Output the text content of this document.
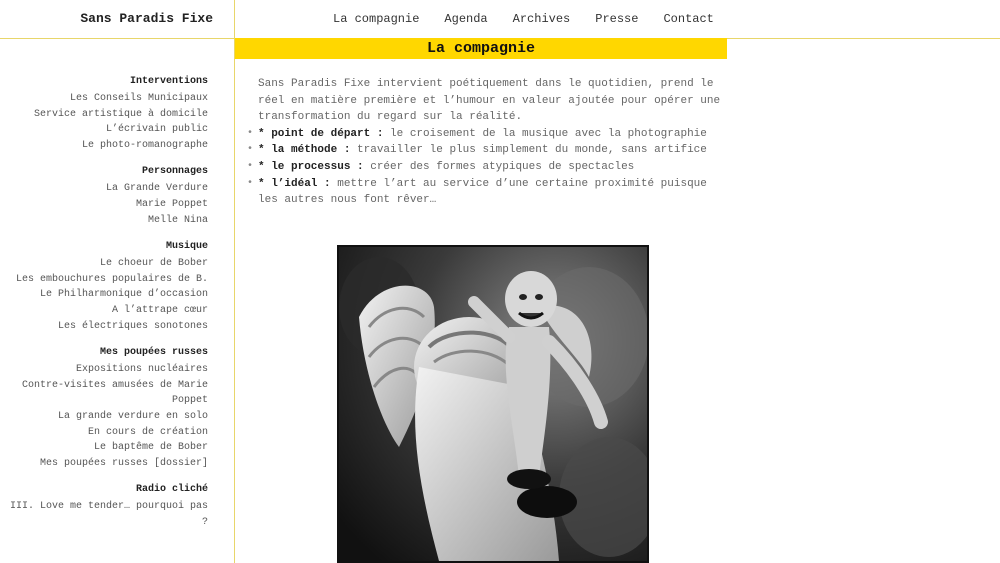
Sans Paradis Fixe	La compagnie Agenda Archives Presse Contact
Interventions
Les Conseils Municipaux
Service artistique à domicile
L’écrivain public
Le photo-romanographe
Personnages
La Grande Verdure
Marie Poppet
Melle Nina
Musique
Le choeur de Bober
Les embouchures populaires de B.
Le Philharmonique d’occasion
A l’attrape cœur
Les électriques sonotones
Mes poupées russes
Expositions nucléaires
Contre-visites amusées de Marie Poppet
La grande verdure en solo
En cours de création
Le baptême de Bober
Mes poupées russes [dossier]
Radio cliché
III. Love me tender… pourquoi pas ?
La compagnie

Sans Paradis Fixe intervient poétiquement dans le quotidien, prend le réel en matière première et l’humour en valeur ajoutée pour opérer une transformation du regard sur la réalité.

• * point de départ : le croisement de la musique avec la photographie
• * la méthode : travailler le plus simplement du monde, sans artifice
• * le processus : créer des formes atypiques de spectacles
• * l’idéal : mettre l’art au service d’une certaine proximité puisque les autres nous font rêver…
